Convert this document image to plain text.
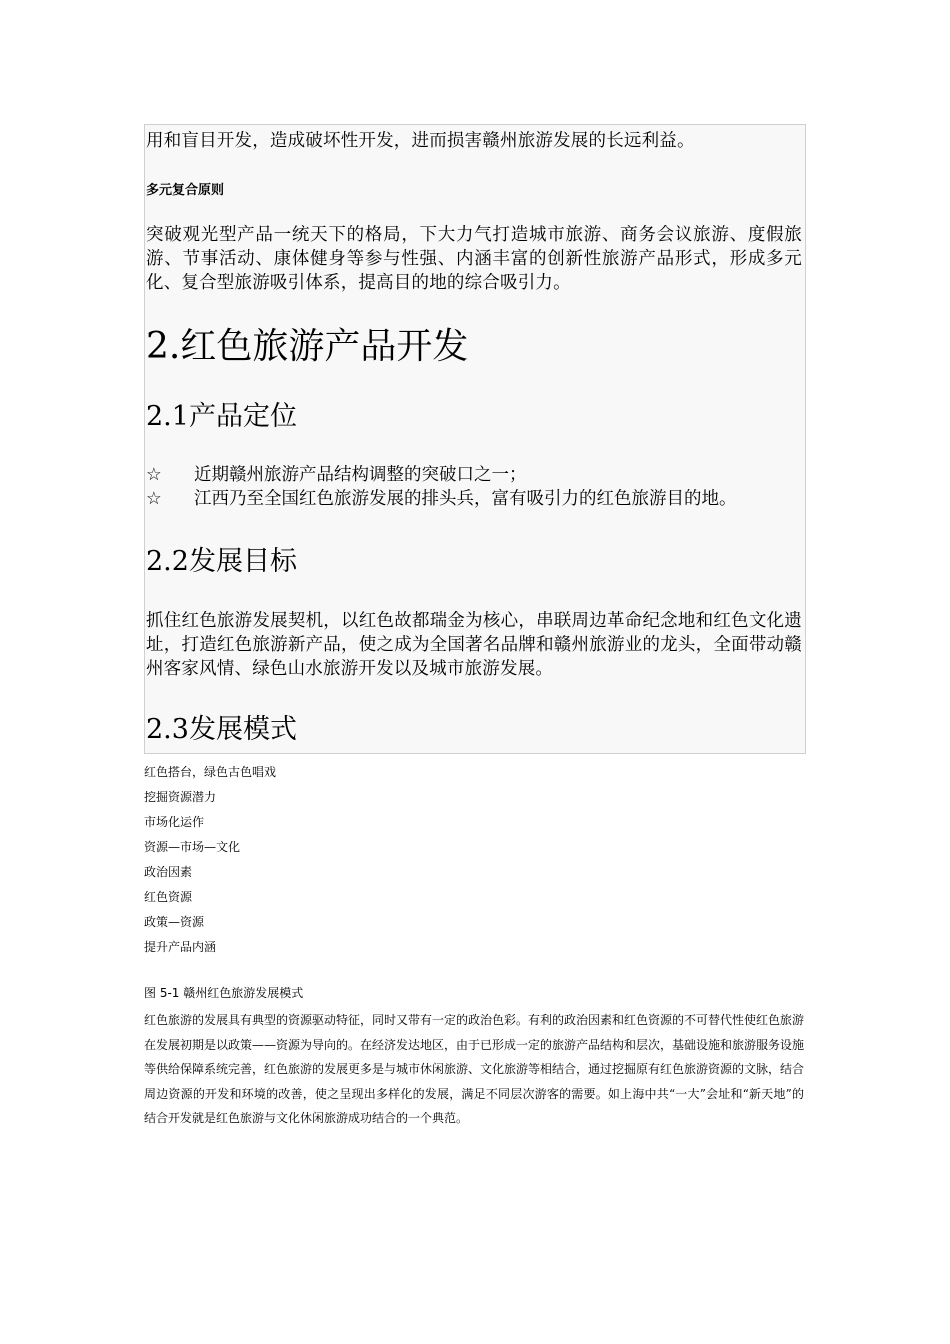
用和盲目开发，造成破坏性开发，进而损害赣州旅游发展的长远利益。

多元复合原则

突破观光型产品一统天下的格局，下大力气打造城市旅游、商务会议旅游、度假旅游、节事活动、康体健身等参与性强、内涵丰富的创新性旅游产品形式，形成多元化、复合型旅游吸引体系，提高目的地的综合吸引力。

2.红色旅游产品开发
2.1产品定位
☆	近期赣州旅游产品结构调整的突破口之一；
☆	江西乃至全国红色旅游发展的排头兵，富有吸引力的红色旅游目的地。
2.2发展目标

抓住红色旅游发展契机，以红色故都瑞金为核心，串联周边革命纪念地和红色文化遗址，打造红色旅游新产品，使之成为全国著名品牌和赣州旅游业的龙头，全面带动赣州客家风情、绿色山水旅游开发以及城市旅游发展。

2.3发展模式
红色搭台，绿色古色唱戏
挖掘资源潜力
市场化运作
资源—市场—文化
政治因素
红色资源
政策—资源
提升产品内涵
图 5-1 赣州红色旅游发展模式
红色旅游的发展具有典型的资源驱动特征，同时又带有一定的政治色彩。有利的政治因素和红色资源的不可替代性使红色旅游在发展初期是以政策——资源为导向的。在经济发达地区，由于已形成一定的旅游产品结构和层次，基础设施和旅游服务设施等供给保障系统完善，红色旅游的发展更多是与城市休闲旅游、文化旅游等相结合，通过挖掘原有红色旅游资源的文脉，结合周边资源的开发和环境的改善，使之呈现出多样化的发展，满足不同层次游客的需要。如上海中共“一大”会址和“新天地”的结合开发就是红色旅游与文化休闲旅游成功结合的一个典范。
